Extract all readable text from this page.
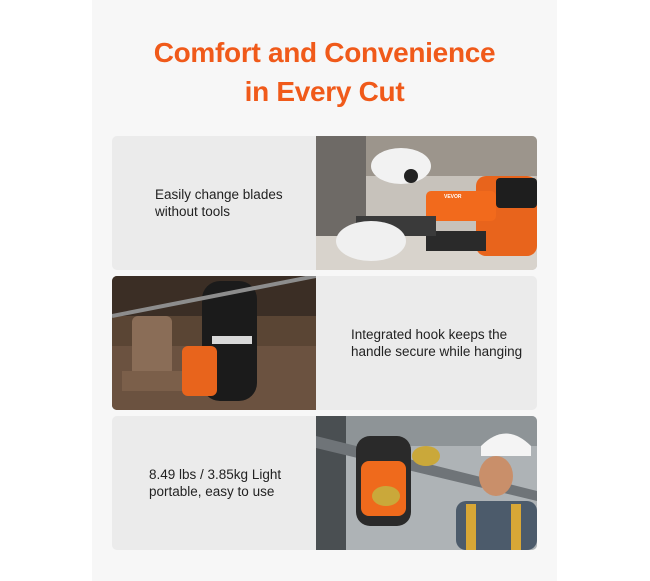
Comfort and Convenience
in Every Cut
Easily change blades
without tools
VEVOR
Integrated hook keeps the
handle secure while hanging
8.49 lbs / 3.85kg Light
portable, easy to use
